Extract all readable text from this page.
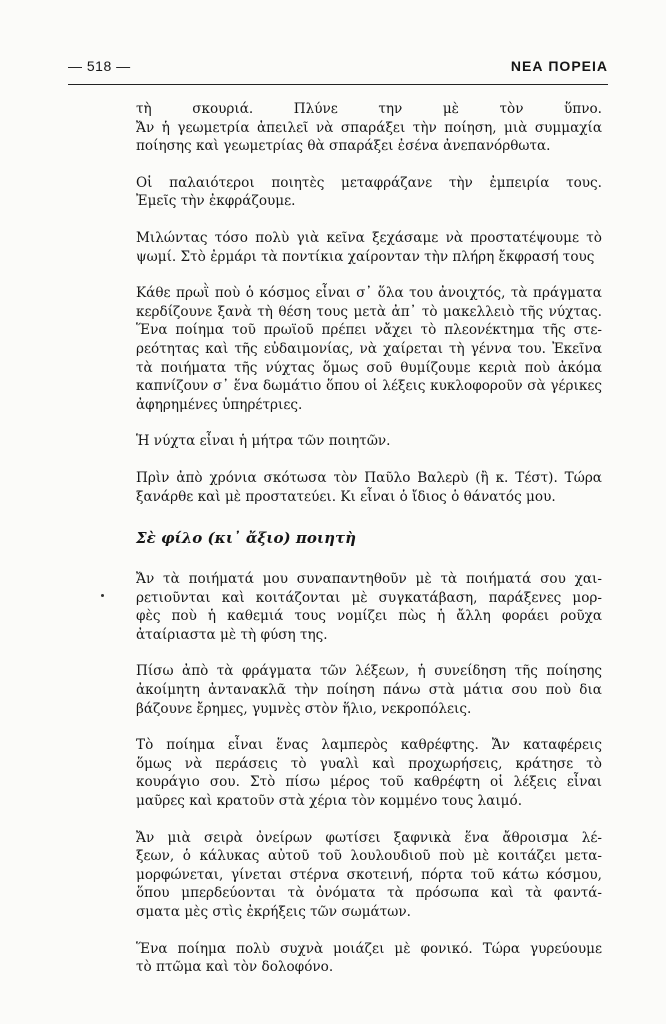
— 518 —	ΝΕΑ ΠΟΡΕΙΑ
τὴ σκουριά. Πλύνε την μὲ τὸν ὕπνο.
Ἄν ἡ γεωμετρία ἀπειλεῖ νὰ σπαράξει τὴν ποίηση, μιὰ συμμαχία
ποίησης καὶ γεωμετρίας θὰ σπαράξει ἐσένα ἀνεπανόρθωτα.
Οἱ παλαιότεροι ποιητὲς μεταφράζανε τὴν ἐμπειρία τους.
Ἐμεῖς τὴν ἐκφράζουμε.
Μιλώντας τόσο πολὺ γιὰ κεῖνα ξεχάσαμε νὰ προστατέψουμε τὸ
ψωμί. Στὸ ἐρμάρι τὰ ποντίκια χαίρονταν τὴν πλήρη ἔκφρασή τους
Κάθε πρωῒ ποὺ ὁ κόσμος εἶναι σ᾽ ὅλα του ἀνοιχτός, τὰ πράγματα
κερδίζουνε ξανὰ τὴ θέση τους μετὰ ἀπ᾽ τὸ μακελλειὸ τῆς νύχτας.
Ἕνα ποίημα τοῦ πρωϊοῦ πρέπει νἄχει τὸ πλεονέκτημα τῆς στε-
ρεότητας καὶ τῆς εὐδαιμονίας, νὰ χαίρεται τὴ γέννα του. Ἐκεῖνα
τὰ ποιήματα τῆς νύχτας ὅμως σοῦ θυμίζουμε κεριὰ ποὺ ἀκόμα
καπνίζουν σ᾽ ἕνα δωμάτιο ὅπου οἱ λέξεις κυκλοφοροῦν σὰ γέρικες
ἀφηρημένες ὑπηρέτριες.
Ἡ νύχτα εἶναι ἡ μήτρα τῶν ποιητῶν.
Πρὶν ἀπὸ χρόνια σκότωσα τὸν Παῦλο Βαλερὺ (ἢ κ. Τέστ). Τώρα
ξανάρθε καὶ μὲ προστατεύει. Κι εἶναι ὁ ἴδιος ὁ θάνατός μου.
Σὲ φίλο (κι᾽ ἄξιο) ποιητὴ
Ἄν τὰ ποιήματά μου συναπαντηθοῦν μὲ τὰ ποιήματά σου χαι-
ρετιοῦνται καὶ κοιτάζονται μὲ συγκατάβαση, παράξενες μορ-
φὲς ποὺ ἡ καθεμιά τους νομίζει πὼς ἡ ἄλλη φοράει ροῦχα
ἀταίριαστα μὲ τὴ φύση της.
Πίσω ἀπὸ τὰ φράγματα τῶν λέξεων, ἡ συνείδηση τῆς ποίησης
ἀκοίμητη ἀντανακλᾶ τὴν ποίηση πάνω στὰ μάτια σου ποὺ δια
βάζουνε ἔρημες, γυμνὲς στὸν ἥλιο, νεκροπόλεις.
Τὸ ποίημα εἶναι ἕνας λαμπερὸς καθρέφτης. Ἄν καταφέρεις
ὅμως νὰ περάσεις τὸ γυαλὶ καὶ προχωρήσεις, κράτησε τὸ
κουράγιο σου. Στὸ πίσω μέρος τοῦ καθρέφτη οἱ λέξεις εἶναι
μαῦρες καὶ κρατοῦν στὰ χέρια τὸν κομμένο τους λαιμό.
Ἄν μιὰ σειρὰ ὀνείρων φωτίσει ξαφνικὰ ἕνα ἄθροισμα λέ-
ξεων, ὁ κάλυκας αὐτοῦ τοῦ λουλουδιοῦ ποὺ μὲ κοιτάζει μετα-
μορφώνεται, γίνεται στέρνα σκοτεινή, πόρτα τοῦ κάτω κόσμου,
ὅπου μπερδεύονται τὰ ὀνόματα τὰ πρόσωπα καὶ τὰ φαντά-
σματα μὲς στὶς ἐκρήξεις τῶν σωμάτων.
Ἕνα ποίημα πολὺ συχνὰ μοιάζει μὲ φονικό. Τώρα γυρεύουμε
τὸ πτῶμα καὶ τὸν δολοφόνο.
